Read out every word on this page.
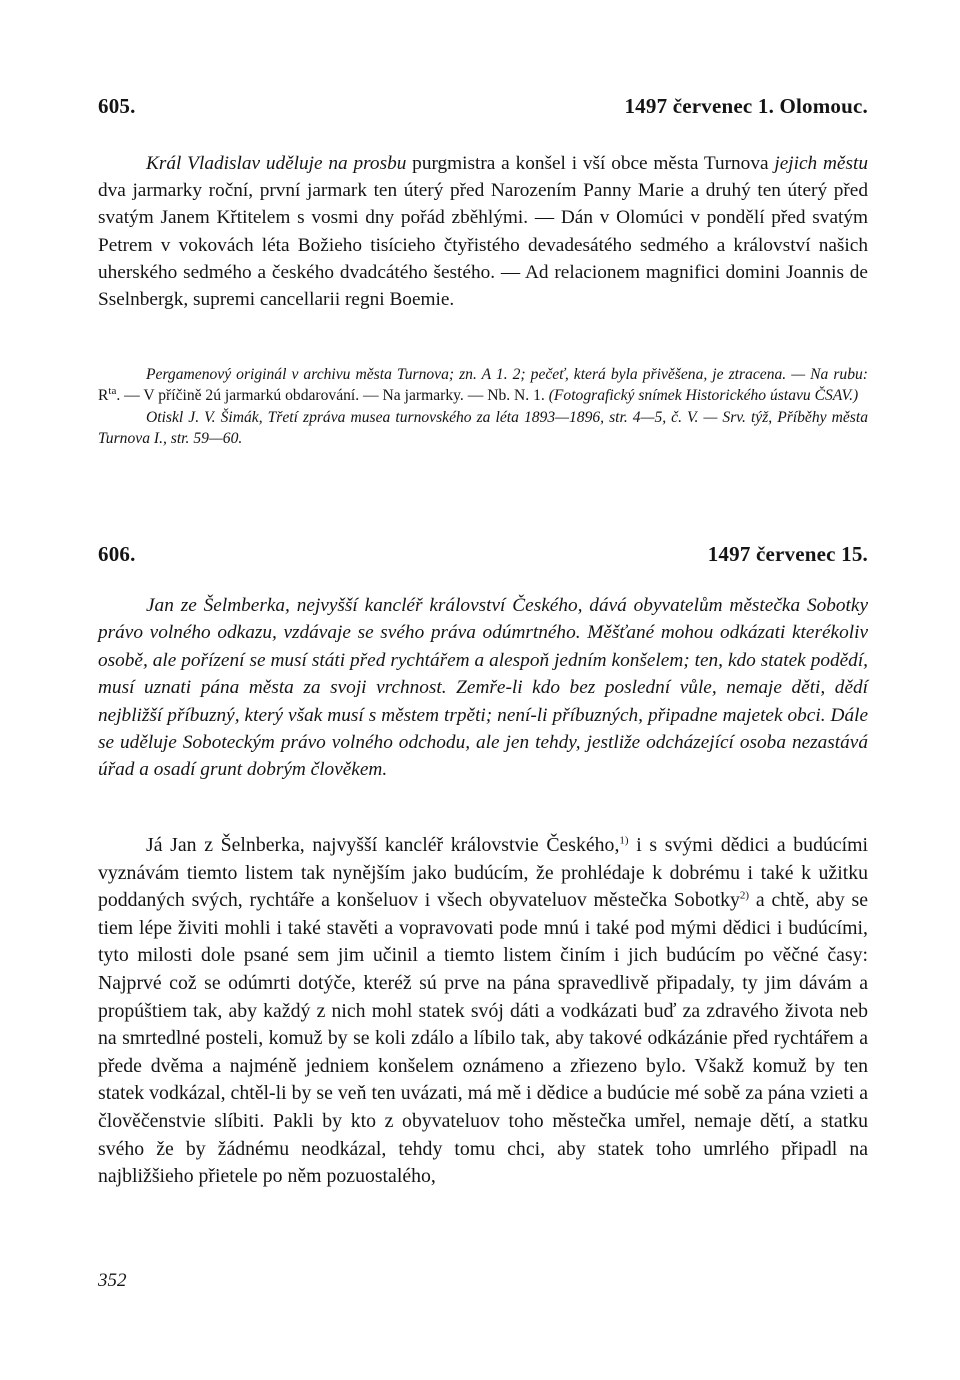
605.	1497 červenec 1. Olomouc.

Král Vladislav uděluje na prosbu purgmistra a konšel i vší obce města Turnova jejich městu dva jarmarky roční, první jarmark ten úterý před Narozením Panny Marie a druhý ten úterý před svatým Janem Křtitelem s vosmi dny pořád zběhlými. — Dán v Olomúci v pondělí před svatým Petrem v vokovách léta Božieho tisícieho čtyřistého devadesátého sedmého a království našich uherského sedmého a českého dvadcátého šestého. — Ad relacionem magnifici domini Joannis de Sselnbergk, supremi cancellarii regni Boemie.

Pergamenový originál v archivu města Turnova; zn. A 1. 2; pečeť, která byla přivěšena, je ztracena. — Na rubu: $R^{ta}$. — V příčině 2ú jarmarkú obdarování. — Na jarmarky. — Nb. N. 1. (Fotografický snímek Historického ústavu ČSAV.)

Otiskl J. V. Šimák, Třetí zpráva musea turnovského za léta 1893—1896, str. 4—5, č. V. — Srv. týž, Příběhy města Turnova I., str. 59—60.

606.	1497 červenec 15.

Jan ze Šelmberka, nejvyšší kancléř království Českého, dává obyvatelům městečka Sobotky právo volného odkazu, vzdávaje se svého práva odúmrtného. Měšťané mohou odkázati kterékoliv osobě, ale pořízení se musí státi před rychtářem a alespoň jedním konšelem; ten, kdo statek podědí, musí uznati pána města za svoji vrchnost. Zemře-li kdo bez poslední vůle, nemaje děti, dědí nejbližší příbuzný, který však musí s městem trpěti; není-li příbuzných, připadne majetek obci. Dále se uděluje Soboteckým právo volného odchodu, ale jen tehdy, jestliže odcházející osoba nezastává úřad a osadí grunt dobrým člověkem.

Já Jan z Šelnberka, najvyšší kancléř královstvie Českého,$^{1)}$ i s svými dědici a budúcími vyznávám tiemto listem tak nynějším jako budúcím, že prohlédaje k dobrému i také k užitku poddaných svých, rychtáře a konšeluov i všech obyvateluov městečka Sobotky$^{2)}$ a chtě, aby se tiem lépe živiti mohli i také stavěti a vopravovati pode mnú i také pod mými dědici i budúcími, tyto milosti dole psané sem jim učinil a tiemto listem činím i jich budúcím po věčné časy: Najprvé což se odúmrti dotýče, kteréž sú prve na pána spravedlivě připadaly, ty jim dávám a propúštiem tak, aby každý z nich mohl statek svój dáti a vodkázati buď za zdravého života neb na smrtedlné posteli, komuž by se koli zdálo a líbilo tak, aby takové odkázánie před rychtářem a přede dvěma a najméně jedniem konšelem oznámeno a zřiezeno bylo. Všakž komuž by ten statek vodkázal, chtěl-li by se veň ten uvázati, má mě i dědice a budúcie mé sobě za pána vzieti a člověčenstvie slíbiti. Pakli by kto z obyvateluov toho městečka umřel, nemaje dětí, a statku svého že by žádnému neodkázal, tehdy tomu chci, aby statek toho umrlého připadl na najbližšieho přietele po něm pozuostalého,

352
